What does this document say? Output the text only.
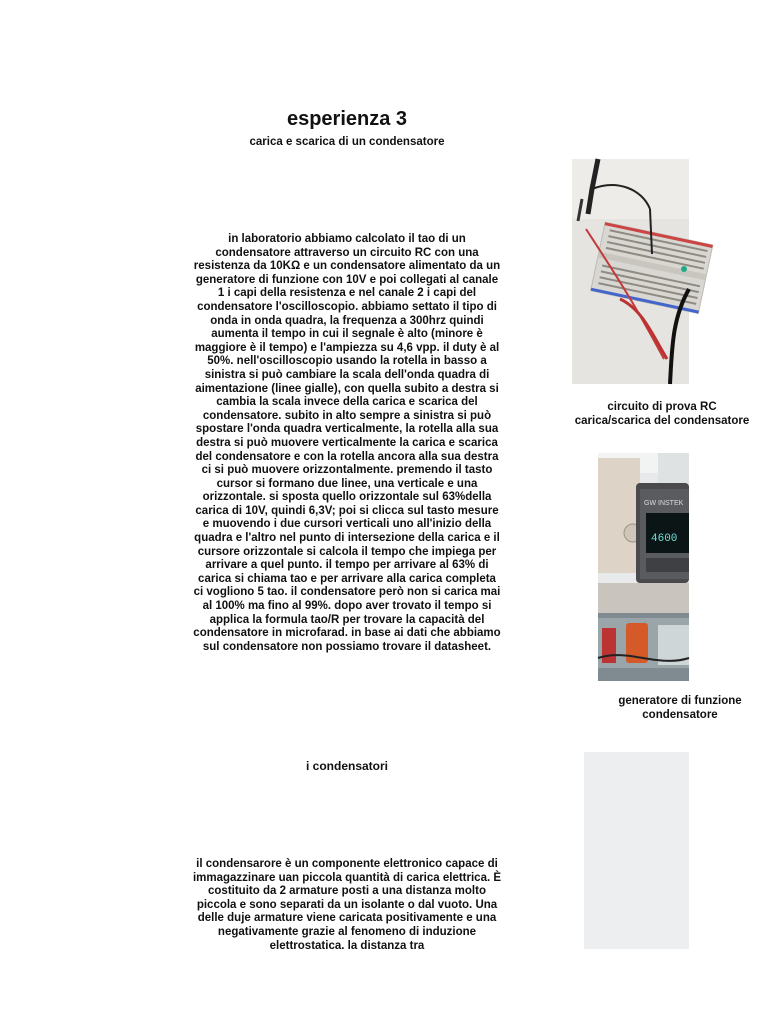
esperienza 3
carica e scarica di un condensatore

in laboratorio abbiamo calcolato il tao di un condensatore attraverso un circuito RC con una resistenza da 10KΩ e un condensatore alimentato da un generatore di funzione con 10V e poi collegati al canale 1 i capi della resistenza e nel canale 2 i capi del condensatore l'oscilloscopio. abbiamo settato il tipo di onda in onda quadra, la frequenza a 300hrz quindi aumenta il tempo in cui il segnale è alto (minore è maggiore è il tempo) e l'ampiezza su 4,6 vpp. il duty è al 50%. nell'oscilloscopio usando la rotella in basso a sinistra si può cambiare la scala dell'onda quadra di aimentazione (linee gialle), con quella subito a destra si cambia la scala invece della carica e scarica del condensatore. subito in alto sempre a sinistra si può spostare l'onda quadra verticalmente, la rotella alla sua destra si può muovere verticalmente la carica e scarica del condensatore e con la rotella ancora alla sua destra ci si può muovere orizzontalmente. premendo il tasto cursor si formano due linee, una verticale e una orizzontale. si sposta quello orizzontale sul 63%della carica di 10V, quindi 6,3V; poi si clicca sul tasto mesure e muovendo i due cursori verticali uno all'inizio della quadra e l'altro nel punto di intersezione della carica e il cursore orizzontale si calcola il tempo che impiega per arrivare a quel punto. il tempo per arrivare al 63% di carica si chiama tao e per arrivare alla carica completa ci vogliono 5 tao. il condensatore però non si carica mai al 100% ma fino al 99%. dopo aver trovato il tempo si applica la formula tao/R per trovare la capacità del condensatore in microfarad. in base ai dati che abbiamo sul condensatore non possiamo trovare il datasheet.

i condensatori

il condensarore è un componente elettronico capace di immagazzinare uan piccola quantità di carica elettrica. È costituito da 2 armature posti a una distanza molto piccola e sono separati da un isolante o dal vuoto. Una delle duje armature viene caricata positivamente e una negativamente grazie al fenomeno di induzione elettrostatica. la distanza tra

circuito di prova RC
carica/scarica del condensatore
generatore di funzione
condensatore
GW INSTEK
4600
